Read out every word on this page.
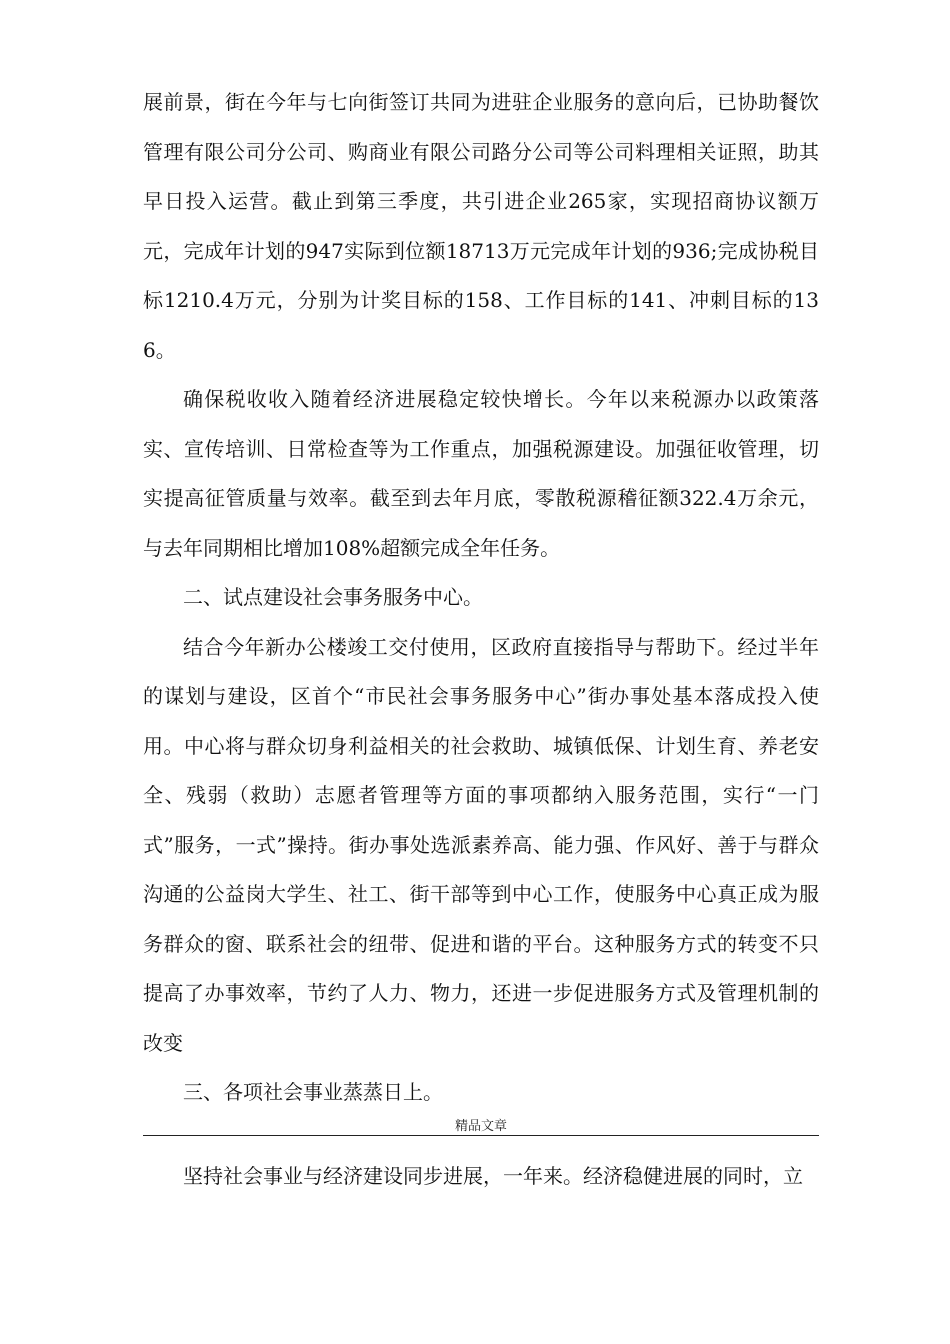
展前景，街在今年与七向街签订共同为进驻企业服务的意向后，已协助餐饮管理有限公司分公司、购商业有限公司路分公司等公司料理相关证照，助其早日投入运营。截止到第三季度，共引进企业265家，实现招商协议额万元，完成年计划的947实际到位额18713万元完成年计划的936;完成协税目标1210.4万元，分别为计奖目标的158、工作目标的141、冲刺目标的136。

确保税收收入随着经济进展稳定较快增长。今年以来税源办以政策落实、宣传培训、日常检查等为工作重点，加强税源建设。加强征收管理，切实提高征管质量与效率。截至到去年月底，零散税源稽征额322.4万余元，与去年同期相比增加108%超额完成全年任务。

二、试点建设社会事务服务中心。

结合今年新办公楼竣工交付使用，区政府直接指导与帮助下。经过半年的谋划与建设，区首个“市民社会事务服务中心”街办事处基本落成投入使用。中心将与群众切身利益相关的社会救助、城镇低保、计划生育、养老安全、残弱（救助）志愿者管理等方面的事项都纳入服务范围，实行“一门式”服务，一式”操持。街办事处选派素养高、能力强、作风好、善于与群众沟通的公益岗大学生、社工、街干部等到中心工作，使服务中心真正成为服务群众的窗、联系社会的纽带、促进和谐的平台。这种服务方式的转变不只提高了办事效率，节约了人力、物力，还进一步促进服务方式及管理机制的改变

三、各项社会事业蒸蒸日上。

精品文章

坚持社会事业与经济建设同步进展，一年来。经济稳健进展的同时，立
